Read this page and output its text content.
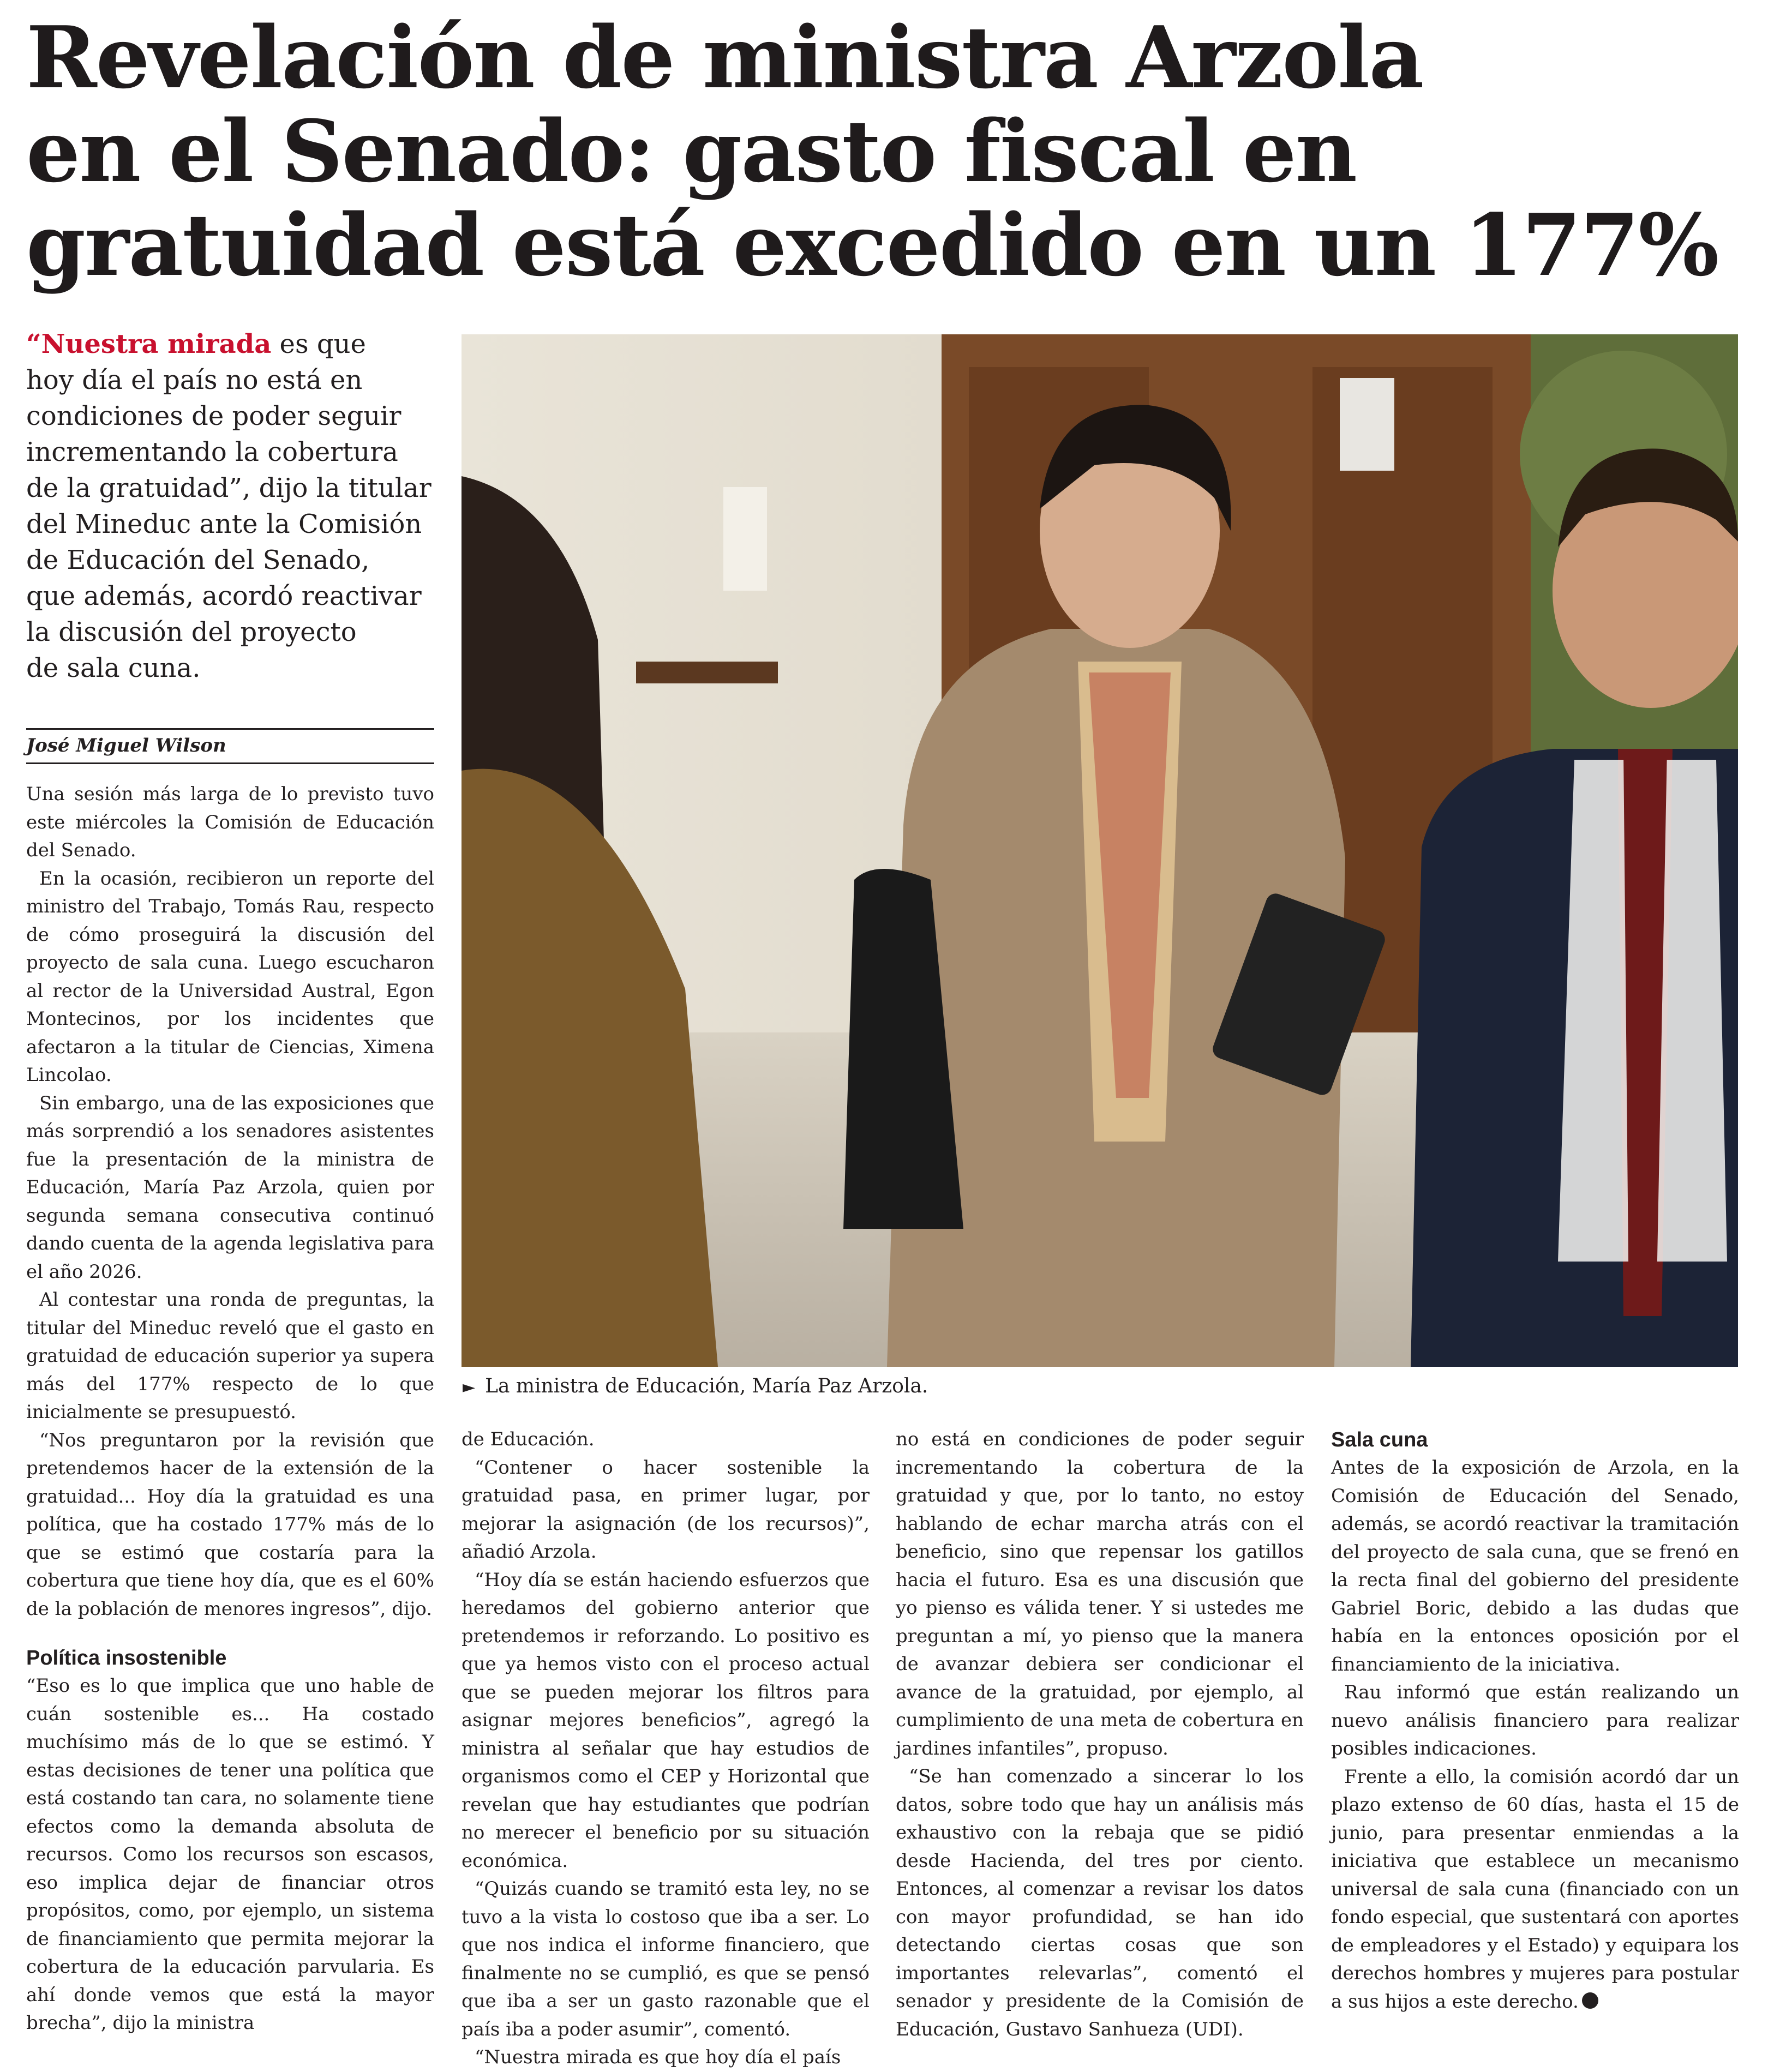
Revelación de ministra Arzola
en el Senado: gasto fiscal en
gratuidad está excedido en un 177%
“Nuestra mirada es que
hoy día el país no está en
condiciones de poder seguir
incrementando la cobertura
de la gratuidad”, dijo la titular
del Mineduc ante la Comisión
de Educación del Senado,
que además, acordó reactivar
la discusión del proyecto
de sala cuna.
José Miguel Wilson

Una sesión más larga de lo previsto tuvo este miércoles la Comisión de Educación del Senado.

En la ocasión, recibieron un reporte del ministro del Trabajo, Tomás Rau, respecto de cómo proseguirá la discusión del proyecto de sala cuna. Luego escucharon al rector de la Universidad Austral, Egon Montecinos, por los incidentes que afectaron a la titular de Ciencias, Ximena Lincolao.

Sin embargo, una de las exposiciones que más sorprendió a los senadores asistentes fue la presentación de la ministra de Educación, María Paz Arzola, quien por segunda semana consecutiva continuó dando cuenta de la agenda legislativa para el año 2026.

Al contestar una ronda de preguntas, la titular del Mineduc reveló que el gasto en gratuidad de educación superior ya supera más del 177% respecto de lo que inicialmente se presupuestó.

“Nos preguntaron por la revisión que pretendemos hacer de la extensión de la gratuidad... Hoy día la gratuidad es una política, que ha costado 177% más de lo que se estimó que costaría para la cobertura que tiene hoy día, que es el 60% de la población de menores ingresos”, dijo.

Política insostenible

“Eso es lo que implica que uno hable de cuán sostenible es... Ha costado muchísimo más de lo que se estimó. Y estas decisiones de tener una política que está costando tan cara, no solamente tiene efectos como la demanda absoluta de recursos. Como los recursos son escasos, eso implica dejar de financiar otros propósitos, como, por ejemplo, un sistema de financiamiento que permita mejorar la cobertura de la educación parvularia. Es ahí donde vemos que está la mayor brecha”, dijo la ministra

► La ministra de Educación, María Paz Arzola.

de Educación.

“Contener o hacer sostenible la gratuidad pasa, en primer lugar, por mejorar la asignación (de los recursos)”, añadió Arzola.

“Hoy día se están haciendo esfuerzos que heredamos del gobierno anterior que pretendemos ir reforzando. Lo positivo es que ya hemos visto con el proceso actual que se pueden mejorar los filtros para asignar mejores beneficios”, agregó la ministra al señalar que hay estudios de organismos como el CEP y Horizontal que revelan que hay estudiantes que podrían no merecer el beneficio por su situación económica.

“Quizás cuando se tramitó esta ley, no se tuvo a la vista lo costoso que iba a ser. Lo que nos indica el informe financiero, que finalmente no se cumplió, es que se pensó que iba a ser un gasto razonable que el país iba a poder asumir”, comentó.

“Nuestra mirada es que hoy día el país

no está en condiciones de poder seguir incrementando la cobertura de la gratuidad y que, por lo tanto, no estoy hablando de echar marcha atrás con el beneficio, sino que repensar los gatillos hacia el futuro. Esa es una discusión que yo pienso es válida tener. Y si ustedes me preguntan a mí, yo pienso que la manera de avanzar debiera ser condicionar el avance de la gratuidad, por ejemplo, al cumplimiento de una meta de cobertura en jardines infantiles”, propuso.

“Se han comenzado a sincerar lo los datos, sobre todo que hay un análisis más exhaustivo con la rebaja que se pidió desde Hacienda, del tres por ciento. Entonces, al comenzar a revisar los datos con mayor profundidad, se han ido detectando ciertas cosas que son importantes relevarlas”, comentó el senador y presidente de la Comisión de Educación, Gustavo Sanhueza (UDI).

Sala cuna

Antes de la exposición de Arzola, en la Comisión de Educación del Senado, además, se acordó reactivar la tramitación del proyecto de sala cuna, que se frenó en la recta final del gobierno del presidente Gabriel Boric, debido a las dudas que había en la entonces oposición por el financiamiento de la iniciativa.

Rau informó que están realizando un nuevo análisis financiero para realizar posibles indicaciones.

Frente a ello, la comisión acordó dar un plazo extenso de 60 días, hasta el 15 de junio, para presentar enmiendas a la iniciativa que establece un mecanismo universal de sala cuna (financiado con un fondo especial, que sustentará con aportes de empleadores y el Estado) y equipara los derechos hombres y mujeres para postular a sus hijos a este derecho.
